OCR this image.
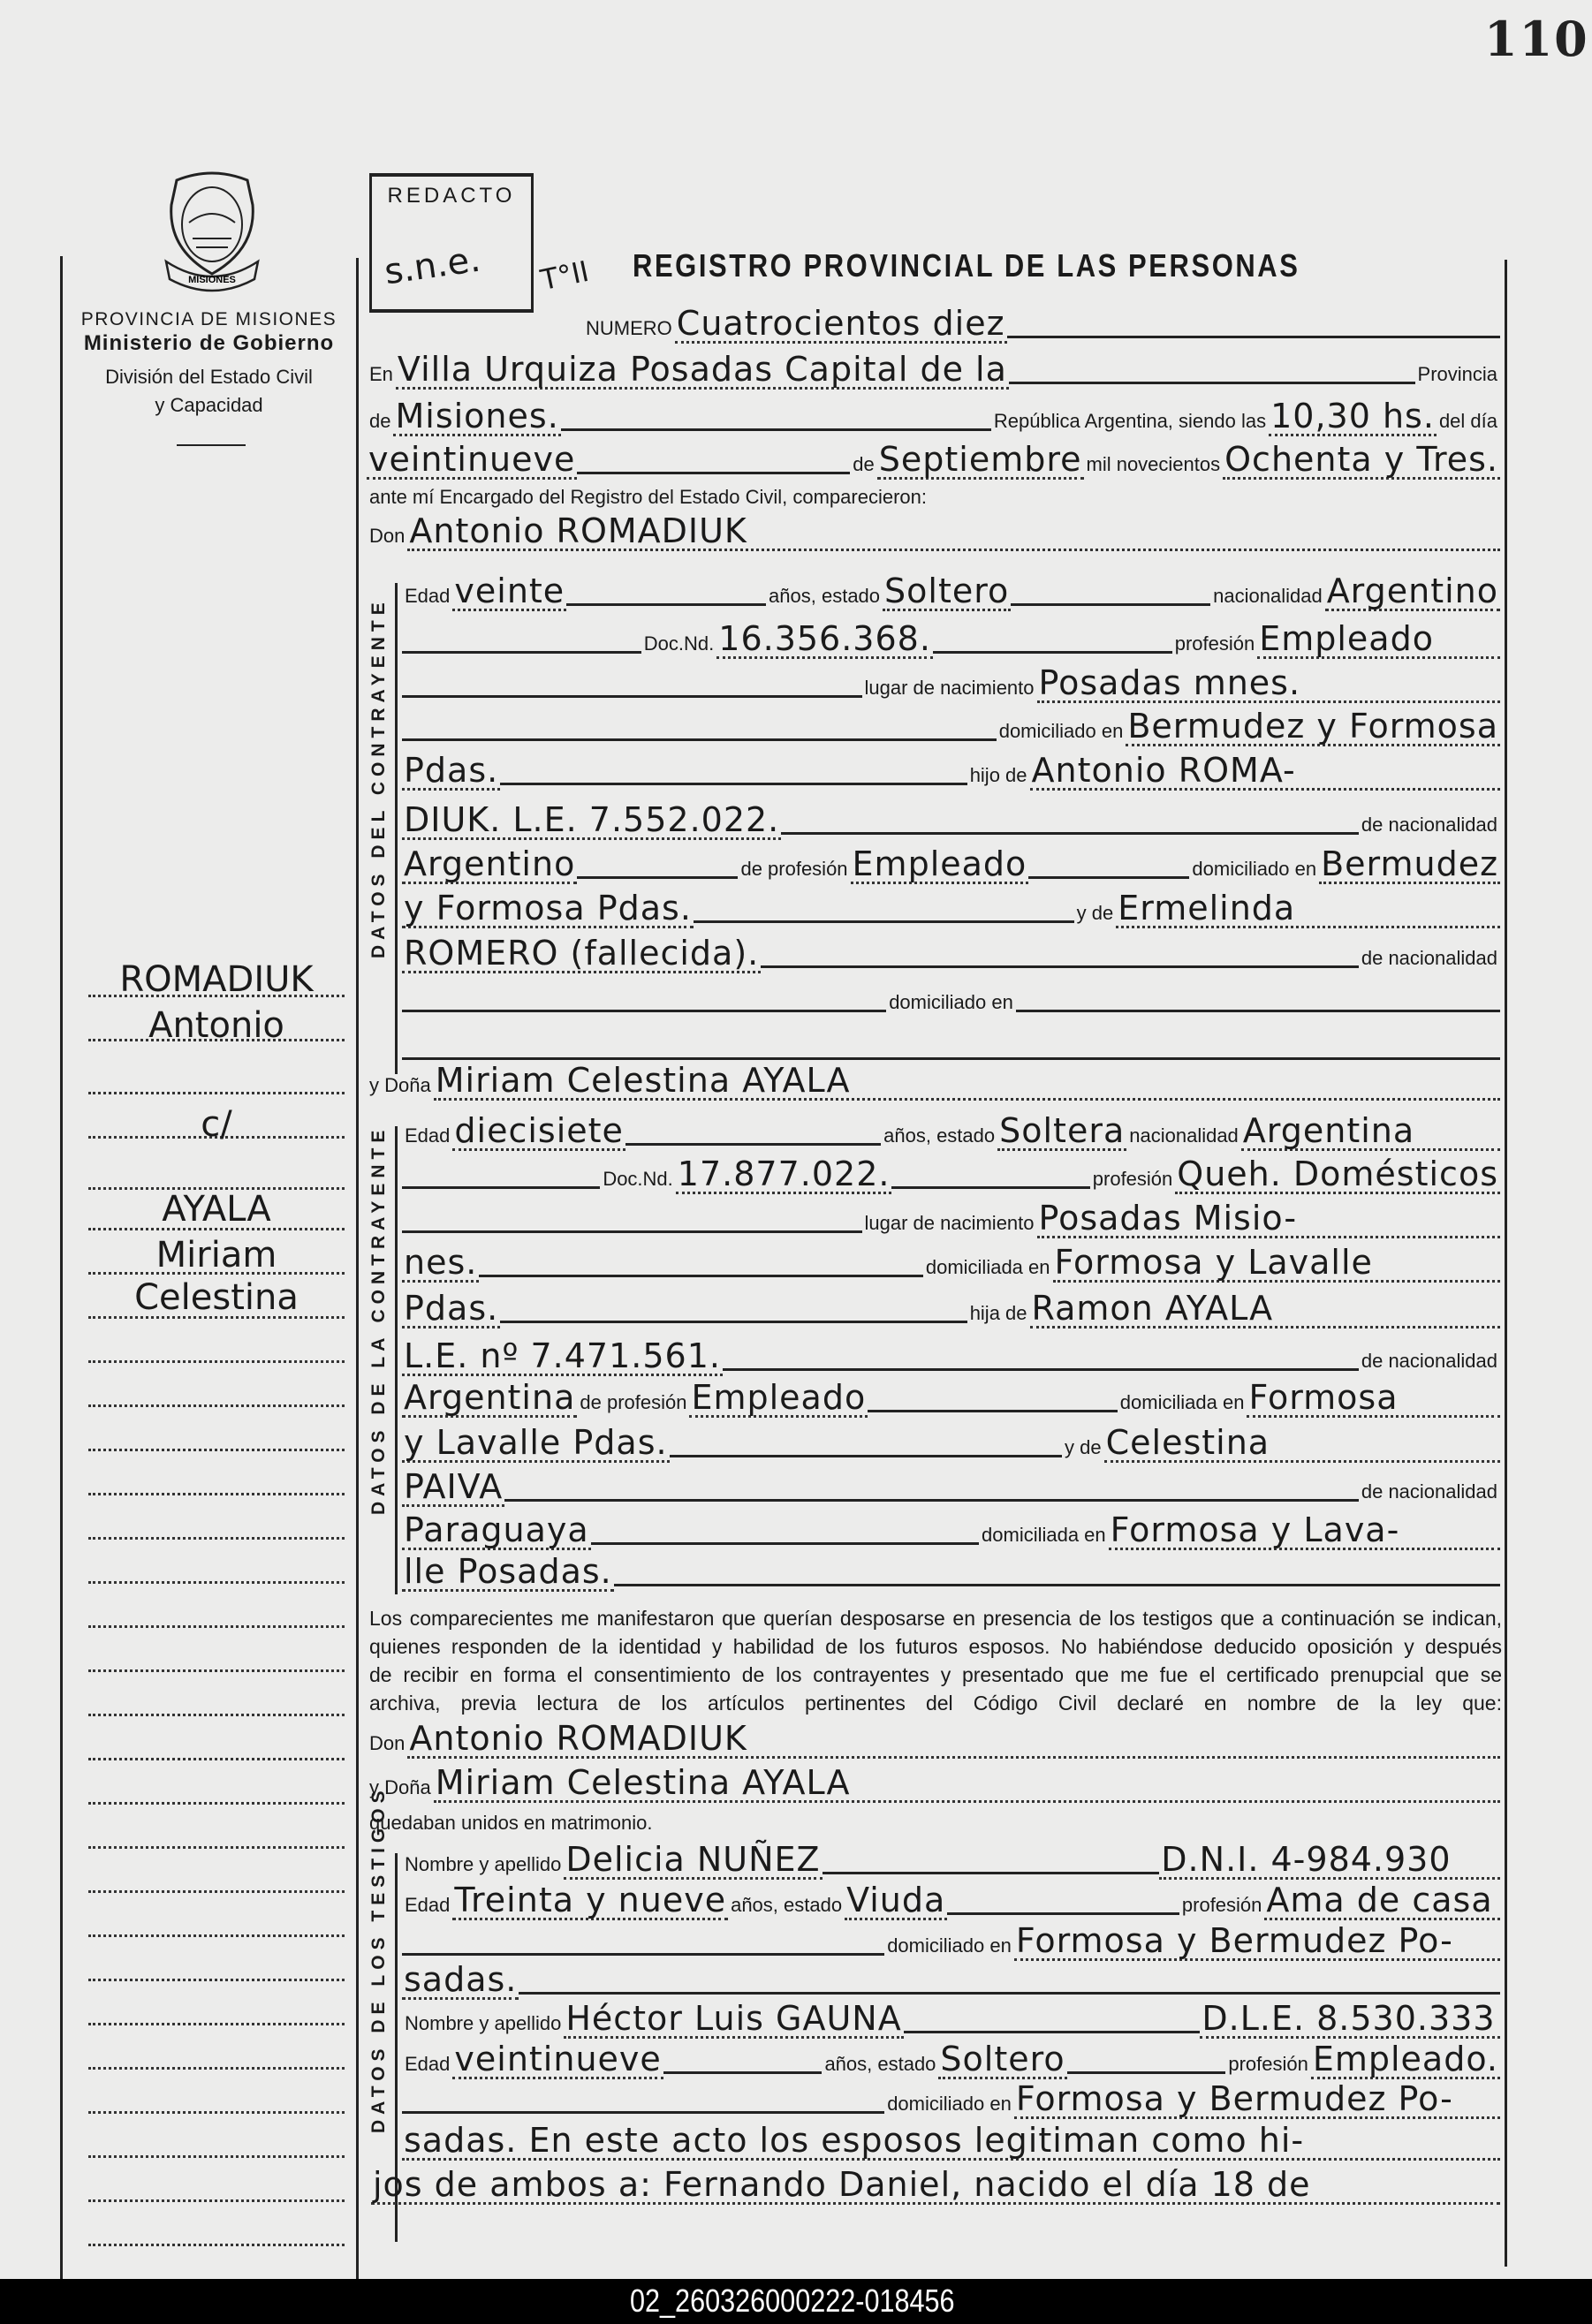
110
MISIONES
PROVINCIA DE MISIONES
Ministerio de Gobierno
División del Estado Civil
y Capacidad
ROMADIUK
Antonio
c/
AYALA
Miriam
Celestina
REDACTO
s.n.e.	REGISTRO PROVINCIAL DE LAS PERSONAS
T°II
DATOS DEL CONTRAYENTE
DATOS DE LA CONTRAYENTE
DATOS DE LOS TESTIGOS
NUMERO Cuatrocientos diez
En Villa Urquiza Posadas Capital de la	Provincia
de Misiones.	República Argentina, siendo las 10,30 hs. del día
veintinueve	de Septiembre mil novecientos Ochenta y Tres.
ante mí Encargado del Registro del Estado Civil, comparecieron:
Don Antonio ROMADIUK
Edad veinte	años, estado Soltero	nacionalidad Argentino
Doc.Nd. 16.356.368.	profesión Empleado
lugar de nacimiento Posadas mnes.
domiciliado en Bermudez y Formosa
Pdas.	hijo de Antonio ROMA-
DIUK. L.E. 7.552.022.	de nacionalidad
Argentino	de profesión Empleado	domiciliado en Bermudez
y Formosa Pdas.	y de Ermelinda
ROMERO (fallecida).	de nacionalidad
domiciliado en
y Doña Miriam Celestina AYALA
Edad diecisiete	años, estado Soltera nacionalidad Argentina
Doc.Nd. 17.877.022.	profesión Queh. Domésticos
lugar de nacimiento Posadas Misio-
nes.	domiciliada en Formosa y Lavalle
Pdas.	hija de Ramon AYALA
L.E. nº 7.471.561.	de nacionalidad
Argentina de profesión Empleado	domiciliada en Formosa
y Lavalle Pdas.	y de Celestina
PAIVA	de nacionalidad
Paraguaya	domiciliada en Formosa y Lava-
lle Posadas.
Don Antonio ROMADIUK
y Doña Miriam Celestina AYALA
quedaban unidos en matrimonio.
Nombre y apellido Delicia NUÑEZ	D.N.I. 4-984.930
Edad Treinta y nueve años, estado Viuda	profesión Ama de casa
domiciliado en Formosa y Bermudez Po-
sadas.
Nombre y apellido Héctor Luis GAUNA	D.L.E. 8.530.333
Edad veintinueve	años, estado Soltero	profesión Empleado.
domiciliado en Formosa y Bermudez Po-
sadas. En este acto los esposos legitiman como hi-
jos de ambos a: Fernando Daniel, nacido el día 18 de
Los comparecientes me manifestaron que querían desposarse en presencia de los testigos que a continuación se indican,
quienes responden de la identidad y habilidad de los futuros esposos. No habiéndose deducido oposición y después
de recibir en forma el consentimiento de los contrayentes y presentado que me fue el certificado prenupcial que se
archiva, previa lectura de los artículos pertinentes del Código Civil declaré en nombre de la ley que:
02_260326000222-018456
